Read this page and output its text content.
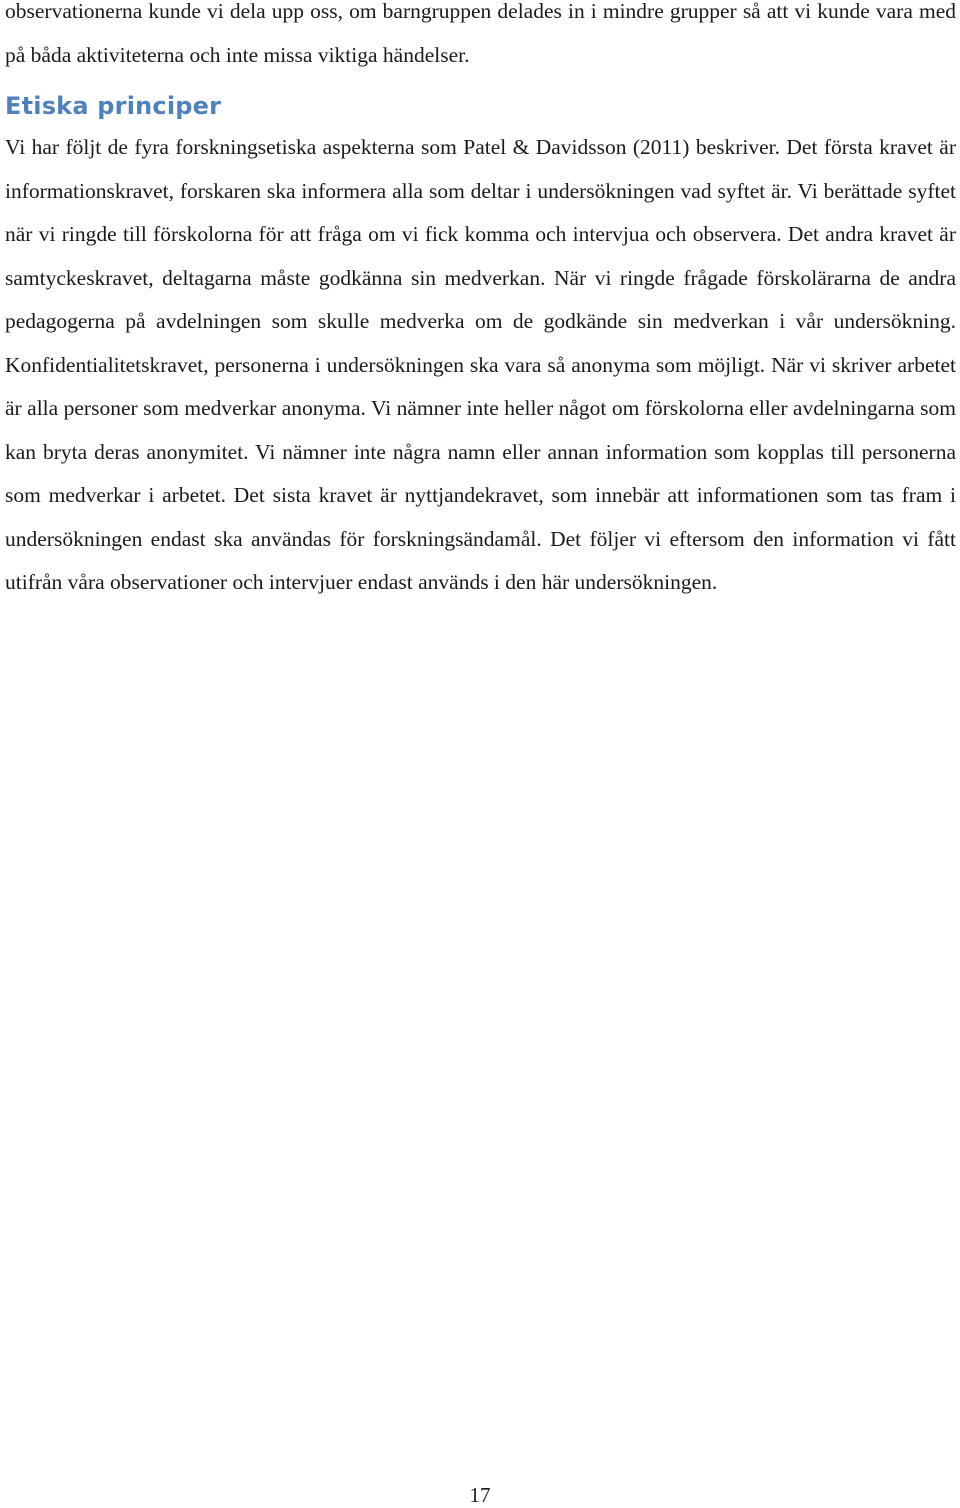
observationerna kunde vi dela upp oss, om barngruppen delades in i mindre grupper så att vi kunde vara med på båda aktiviteterna och inte missa viktiga händelser.

Etiska principer

Vi har följt de fyra forskningsetiska aspekterna som Patel & Davidsson (2011) beskriver. Det första kravet är informationskravet, forskaren ska informera alla som deltar i undersökningen vad syftet är. Vi berättade syftet när vi ringde till förskolorna för att fråga om vi fick komma och intervjua och observera. Det andra kravet är samtyckeskravet, deltagarna måste godkänna sin medverkan. När vi ringde frågade förskolärarna de andra pedagogerna på avdelningen som skulle medverka om de godkände sin medverkan i vår undersökning. Konfidentialitetskravet, personerna i undersökningen ska vara så anonyma som möjligt. När vi skriver arbetet är alla personer som medverkar anonyma. Vi nämner inte heller något om förskolorna eller avdelningarna som kan bryta deras anonymitet. Vi nämner inte några namn eller annan information som kopplas till personerna som medverkar i arbetet. Det sista kravet är nyttjandekravet, som innebär att informationen som tas fram i undersökningen endast ska användas för forskningsändamål. Det följer vi eftersom den information vi fått utifrån våra observationer och intervjuer endast används i den här undersökningen.

17
